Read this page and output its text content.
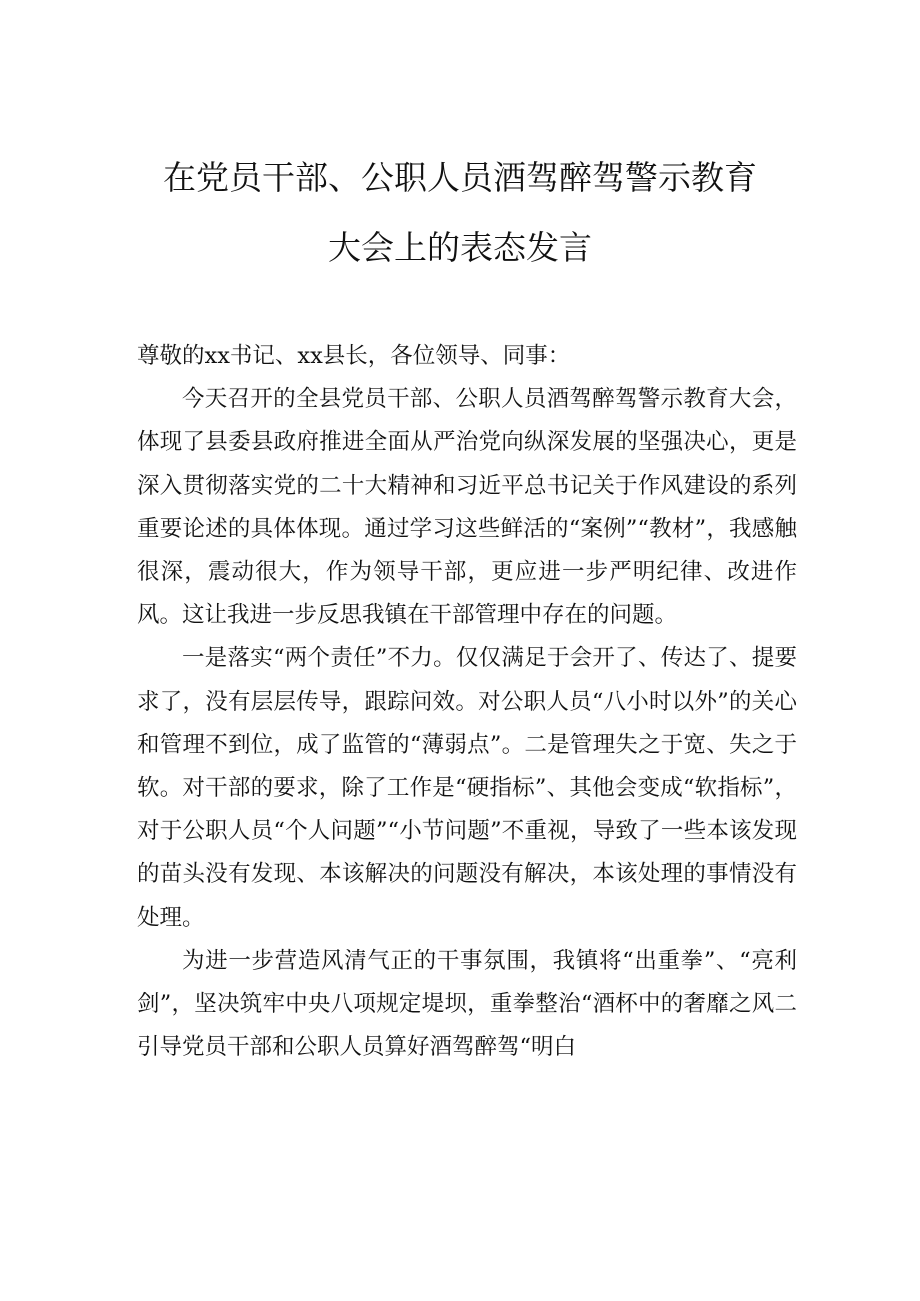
在党员干部、公职人员酒驾醉驾警示教育
大会上的表态发言

尊敬的xx书记、xx县长，各位领导、同事：

今天召开的全县党员干部、公职人员酒驾醉驾警示教育大会，体现了县委县政府推进全面从严治党向纵深发展的坚强决心，更是深入贯彻落实党的二十大精神和习近平总书记关于作风建设的系列重要论述的具体体现。通过学习这些鲜活的“案例”“教材”，我感触很深，震动很大，作为领导干部，更应进一步严明纪律、改进作风。这让我进一步反思我镇在干部管理中存在的问题。

一是落实“两个责任”不力。仅仅满足于会开了、传达了、提要求了，没有层层传导，跟踪问效。对公职人员“八小时以外”的关心和管理不到位，成了监管的“薄弱点”。二是管理失之于宽、失之于软。对干部的要求，除了工作是“硬指标”、其他会变成“软指标”，对于公职人员“个人问题”“小节问题”不重视，导致了一些本该发现的苗头没有发现、本该解决的问题没有解决，本该处理的事情没有处理。

为进一步营造风清气正的干事氛围，我镇将“出重拳”、“亮利剑”，坚决筑牢中央八项规定堤坝，重拳整治“酒杯中的奢靡之风二引导党员干部和公职人员算好酒驾醉驾“明白
